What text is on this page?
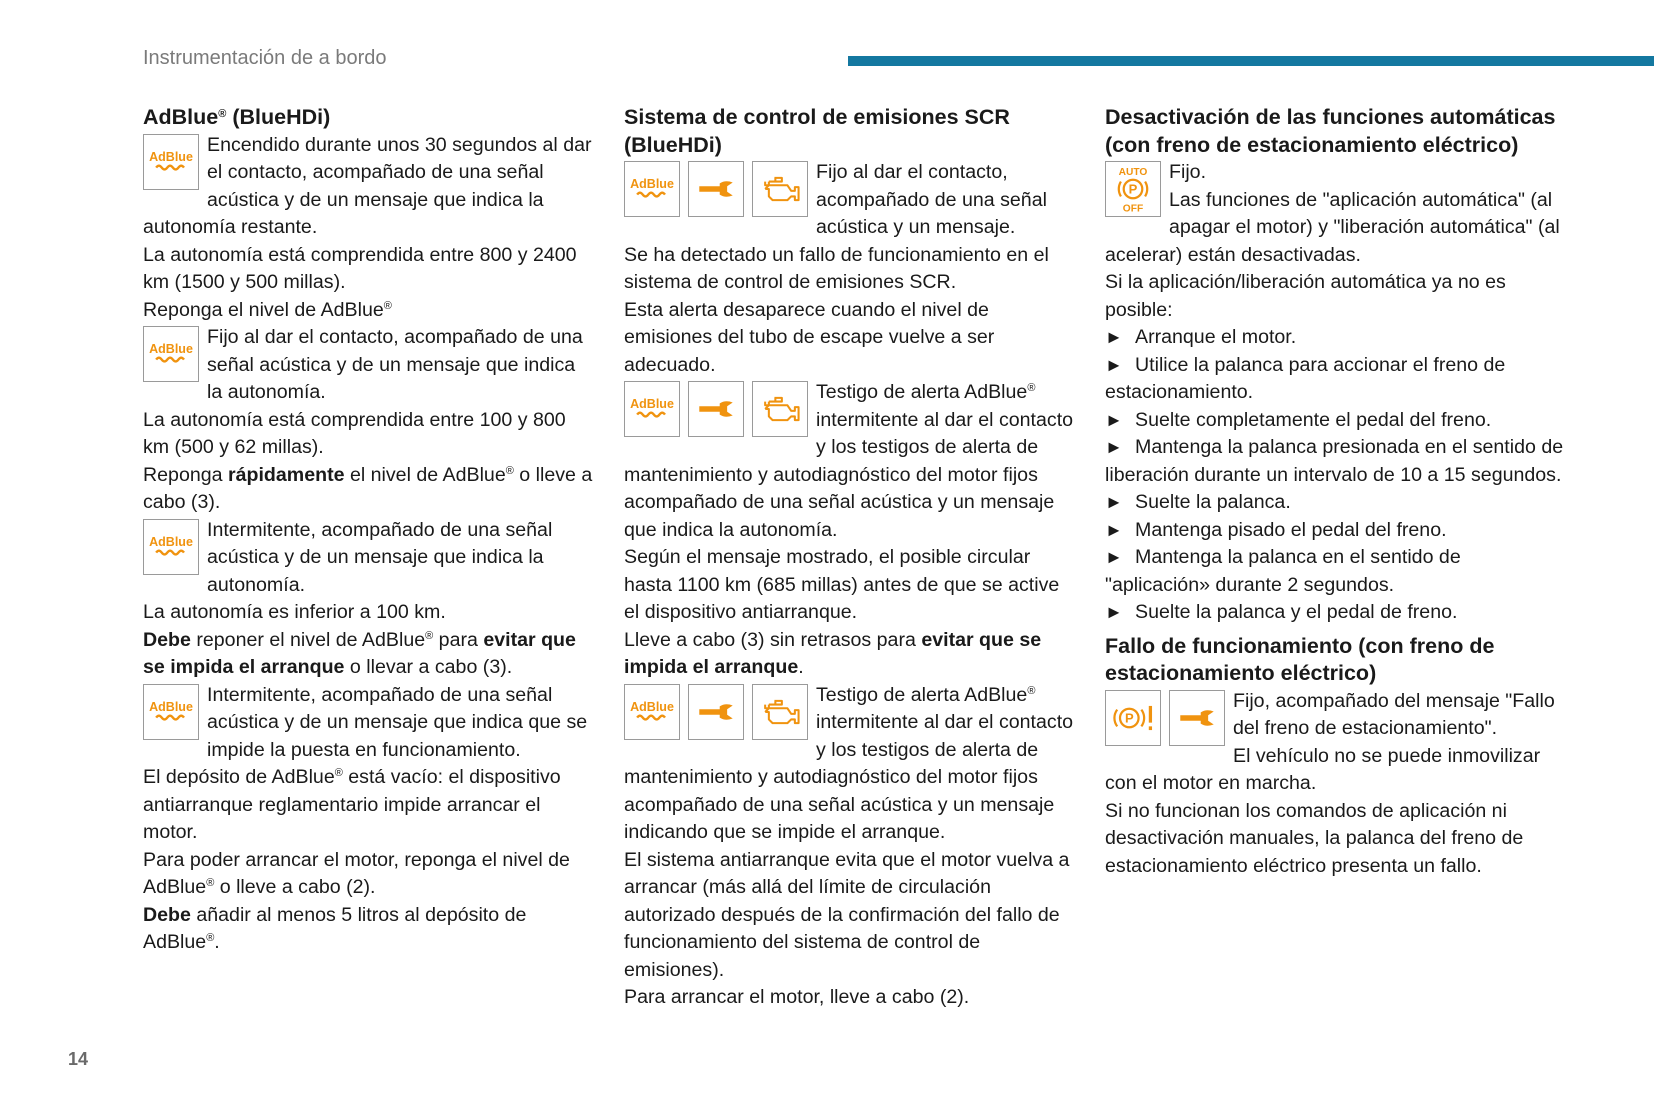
Instrumentación de a bordo
AdBlue® (BlueHDi)

Encendido durante unos 30 segundos al dar el contacto, acompañado de una señal acústica y de un mensaje que indica la autonomía restante.

La autonomía está comprendida entre 800 y 2400 km (1500 y 500 millas).

Reponga el nivel de AdBlue®

Fijo al dar el contacto, acompañado de una señal acústica y de un mensaje que indica la autonomía.

La autonomía está comprendida entre 100 y 800 km (500 y 62 millas).

Reponga rápidamente el nivel de AdBlue® o lleve a cabo (3).

Intermitente, acompañado de una señal acústica y de un mensaje que indica la autonomía.

La autonomía es inferior a 100 km.

Debe reponer el nivel de AdBlue® para evitar que se impida el arranque o llevar a cabo (3).

Intermitente, acompañado de una señal acústica y de un mensaje que indica que se impide la puesta en funcionamiento.

El depósito de AdBlue® está vacío: el dispositivo antiarranque reglamentario impide arrancar el motor.

Para poder arrancar el motor, reponga el nivel de AdBlue® o lleve a cabo (2).

Debe añadir al menos 5 litros al depósito de AdBlue®.

Sistema de control de emisiones SCR (BlueHDi)

Fijo al dar el contacto, acompañado de una señal acústica y un mensaje.

Se ha detectado un fallo de funcionamiento en el sistema de control de emisiones SCR.

Esta alerta desaparece cuando el nivel de emisiones del tubo de escape vuelve a ser adecuado.

Testigo de alerta AdBlue® intermitente al dar el contacto y los testigos de alerta de mantenimiento y autodiagnóstico del motor fijos acompañado de una señal acústica y un mensaje que indica la autonomía.

Según el mensaje mostrado, el posible circular hasta 1100 km (685 millas) antes de que se active el dispositivo antiarranque.

Lleve a cabo (3) sin retrasos para evitar que se impida el arranque.

Testigo de alerta AdBlue® intermitente al dar el contacto y los testigos de alerta de mantenimiento y autodiagnóstico del motor fijos acompañado de una señal acústica y un mensaje indicando que se impide el arranque.

El sistema antiarranque evita que el motor vuelva a arrancar (más allá del límite de circulación autorizado después de la confirmación del fallo de funcionamiento del sistema de control de emisiones).

Para arrancar el motor, lleve a cabo (2).

Desactivación de las funciones automáticas (con freno de estacionamiento eléctrico)
AUTO
P
OFF

Fijo.

Las funciones de "aplicación automática" (al apagar el motor) y "liberación automática" (al acelerar) están desactivadas.

Si la aplicación/liberación automática ya no es posible:

► Arranque el motor.

► Utilice la palanca para accionar el freno de estacionamiento.

► Suelte completamente el pedal del freno.

► Mantenga la palanca presionada en el sentido de liberación durante un intervalo de 10 a 15 segundos.

► Suelte la palanca.

► Mantenga pisado el pedal del freno.

► Mantenga la palanca en el sentido de "aplicación» durante 2 segundos.

► Suelte la palanca y el pedal de freno.

Fallo de funcionamiento (con freno de estacionamiento eléctrico)
P

Fijo, acompañado del mensaje "Fallo del freno de estacionamiento".

El vehículo no se puede inmovilizar con el motor en marcha.

Si no funcionan los comandos de aplicación ni desactivación manuales, la palanca del freno de estacionamiento eléctrico presenta un fallo.

14
